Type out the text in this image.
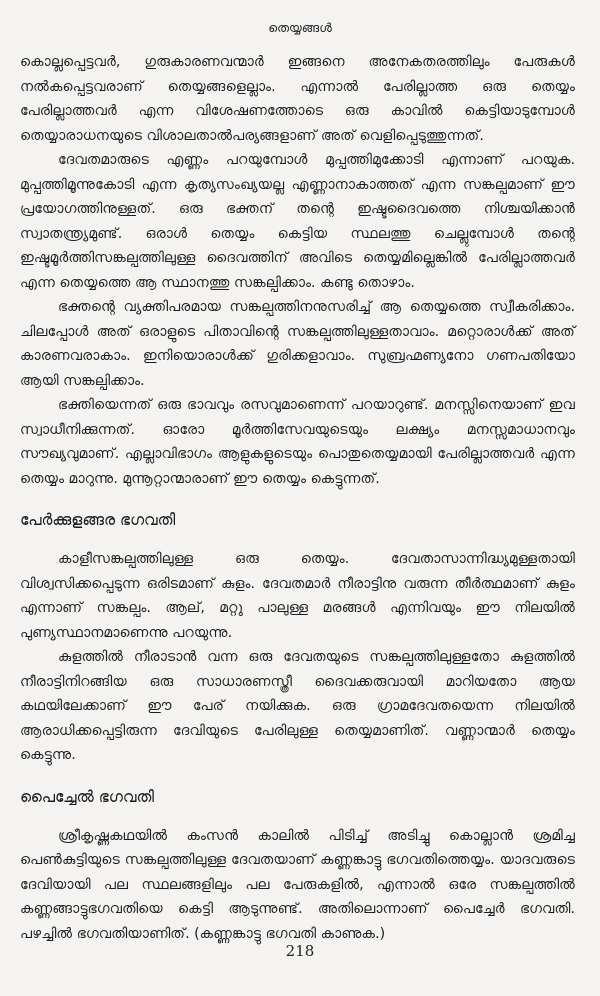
തെയ്യങ്ങൾ

കൊല്ലപ്പെട്ടവർ, ഗുരുകാരണവന്മാർ ഇങ്ങനെ അനേകതരത്തിലും പേരുകൾ നൽകപ്പെട്ടവരാണ് തെയ്യങ്ങളെല്ലാം. എന്നാൽ പേരില്ലാത്ത ഒരു തെയ്യം പേരില്ലാത്തവർ എന്ന വിശേഷണത്തോടെ ഒരു കാവിൽ കെട്ടിയാടുമ്പോൾ തെയ്യാരാധനയുടെ വിശാലതാൽപര്യങ്ങളാണ് അത് വെളിപ്പെടുത്തുന്നത്.

ദേവതമാരുടെ എണ്ണം പറയുമ്പോൾ മുപ്പത്തിമുക്കോടി എന്നാണ് പറയുക. മുപ്പത്തിമൂന്നുകോടി എന്ന കൃത്യസംഖ്യയല്ല എണ്ണാനാകാത്തത് എന്ന സങ്കല്പമാണ് ഈ പ്രയോഗത്തിനുള്ളത്. ഒരു ഭക്തന് തന്റെ ഇഷ്ടദൈവത്തെ നിശ്ചയിക്കാൻ സ്വാതന്ത്ര്യമുണ്ട്. ഒരാൾ തെയ്യം കെട്ടിയ സ്ഥലത്തു ചെല്ലുമ്പോൾ തന്റെ ഇഷ്ടമൂർത്തിസങ്കല്പത്തിലുള്ള ദൈവത്തിന് അവിടെ തെയ്യമില്ലെങ്കിൽ പേരില്ലാത്തവർ എന്ന തെയ്യത്തെ ആ സ്ഥാനത്തു സങ്കല്പിക്കാം. കണ്ടു തൊഴാം.

ഭക്തന്റെ വ്യക്തിപരമായ സങ്കല്പത്തിനനുസരിച്ച് ആ തെയ്യത്തെ സ്വീകരിക്കാം. ചിലപ്പോൾ അത് ഒരാളുടെ പിതാവിന്റെ സങ്കല്പത്തിലുള്ളതാവാം. മറ്റൊരാൾക്ക് അത് കാരണവരാകാം. ഇനിയൊരാൾക്ക് ഗുരിക്കളാവാം. സുബ്രഹ്മണ്യനോ ഗണപതിയോ ആയി സങ്കല്പിക്കാം.

ഭക്തിയെന്നത് ഒരു ഭാവവും രസവുമാണെന്ന് പറയാറുണ്ട്. മനസ്സിനെയാണ് ഇവ സ്വാധീനിക്കുന്നത്. ഓരോ മൂർത്തിസേവയുടെയും ലക്ഷ്യം മനസ്സമാധാനവും സൗഖ്യവുമാണ്. എല്ലാവിഭാഗം ആളുകളുടെയും പൊതുതെയ്യമായി പേരില്ലാത്തവർ എന്ന തെയ്യം മാറുന്നു. മുന്നൂറ്റാന്മാരാണ് ഈ തെയ്യം കെട്ടുന്നത്.

പേർക്കുളങ്ങര ഭഗവതി

കാളീസങ്കല്പത്തിലുള്ള ഒരു തെയ്യം. ദേവതാസാന്നിദ്ധ്യമുള്ളതായി വിശ്വസിക്കപ്പെടുന്ന ഒരിടമാണ് കുളം. ദേവതമാർ നീരാട്ടിനു വരുന്ന തീർത്ഥമാണ് കുളം എന്നാണ് സങ്കല്പം. ആല്, മറ്റു പാലുള്ള മരങ്ങൾ എന്നിവയും ഈ നിലയിൽ പുണ്യസ്ഥാനമാണെന്നു പറയുന്നു.

കുളത്തിൽ നീരാടാൻ വന്ന ഒരു ദേവതയുടെ സങ്കല്പത്തിലുള്ളതോ കുളത്തിൽ നീരാട്ടിനിറങ്ങിയ ഒരു സാധാരണസ്ത്രീ ദൈവക്കരുവായി മാറിയതോ ആയ കഥയിലേക്കാണ് ഈ പേര് നയിക്കുക. ഒരു ഗ്രാമദേവതയെന്ന നിലയിൽ ആരാധിക്കപ്പെട്ടിരുന്ന ദേവിയുടെ പേരിലുള്ള തെയ്യമാണിത്. വണ്ണാന്മാർ തെയ്യം കെട്ടുന്നു.

പൈച്ചേൽ ഭഗവതി

ശ്രീകൃഷ്ണകഥയിൽ കംസൻ കാലിൽ പിടിച്ച് അടിച്ചു കൊല്ലാൻ ശ്രമിച്ച പെൺകുട്ടിയുടെ സങ്കല്പത്തിലുള്ള ദേവതയാണ് കണ്ണങ്കാട്ടു ഭഗവതിത്തെയ്യം. യാദവരുടെ ദേവിയായി പല സ്ഥലങ്ങളിലും പല പേരുകളിൽ, എന്നാൽ ഒരേ സങ്കല്പത്തിൽ കണ്ണങ്ങാട്ടുഭഗവതിയെ കെട്ടി ആടുന്നുണ്ട്. അതിലൊന്നാണ് പൈച്ചേർ ഭഗവതി. പഴച്ചിൽ ഭഗവതിയാണിത്. (കണ്ണങ്കാട്ടു ഭഗവതി കാണുക.)

218
